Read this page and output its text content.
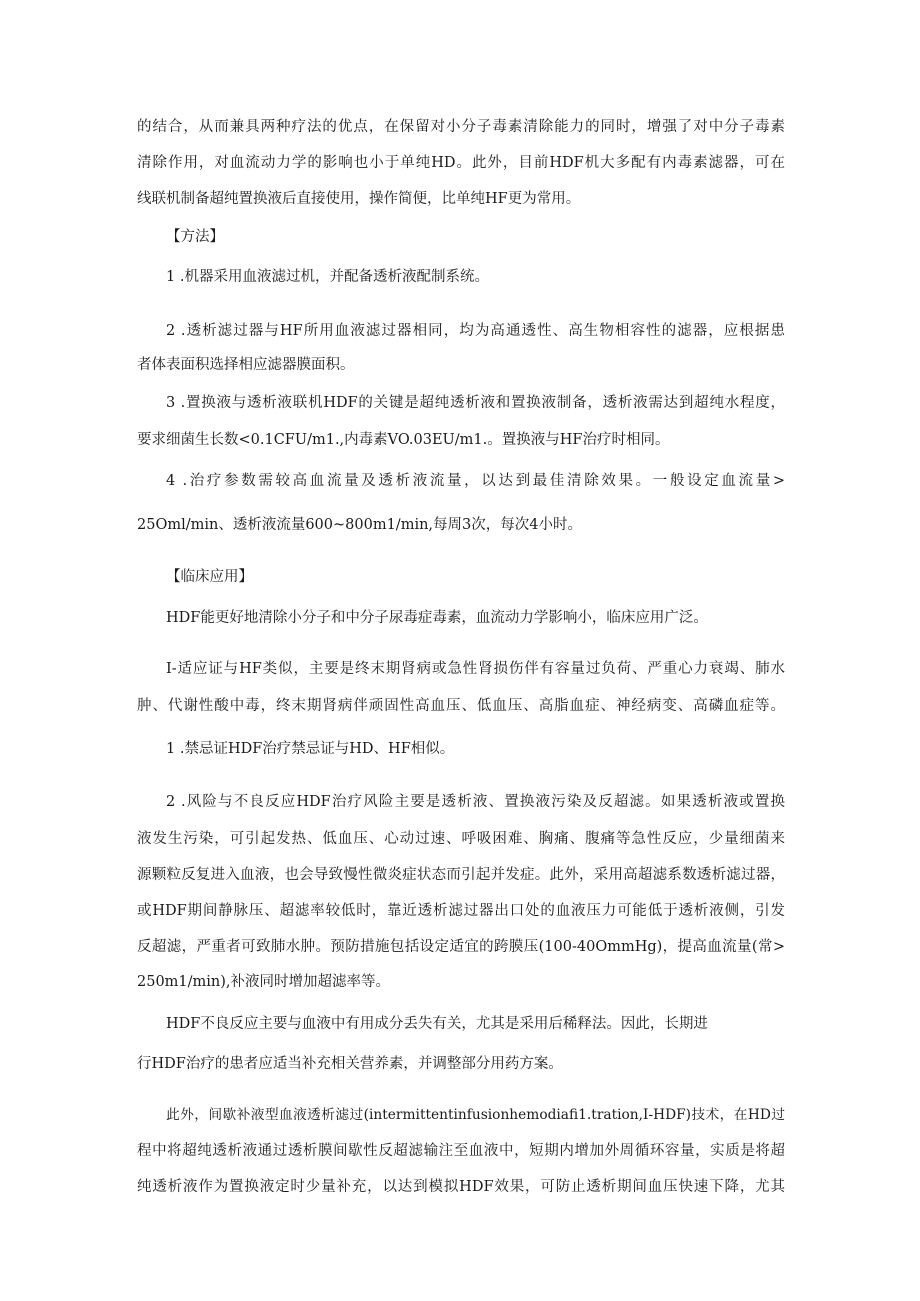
的结合，从而兼具两种疗法的优点，在保留对小分子毒素清除能力的同时，增强了对中分子毒素
清除作用，对血流动力学的影响也小于单纯HD。此外，目前HDF机大多配有内毒素滤器，可在
线联机制备超纯置换液后直接使用，操作简便，比单纯HF更为常用。
【方法】
1 .机器采用血液滤过机，并配备透析液配制系统。
2 .透析滤过器与HF所用血液滤过器相同，均为高通透性、高生物相容性的滤器，应根据患
者体表面积选择相应滤器膜面积。
3 .置换液与透析液联机HDF的关键是超纯透析液和置换液制备，透析液需达到超纯水程度，
要求细菌生长数<0.1CFU/m1.,内毒素VO.03EU∕m1.。置换液与HF治疗时相同。
4 .治疗参数需较高血流量及透析液流量，以达到最佳清除效果。一般设定血流量>
25Oml/min、透析液流量600~800m1∕min,每周3次，每次4小时。
【临床应用】
HDF能更好地清除小分子和中分子尿毒症毒素，血流动力学影响小，临床应用广泛。
I-适应证与HF类似，主要是终末期肾病或急性肾损伤伴有容量过负荷、严重心力衰竭、肺水
肿、代谢性酸中毒，终末期肾病伴顽固性高血压、低血压、高脂血症、神经病变、高磷血症等。
1 .禁忌证HDF治疗禁忌证与HD、HF相似。
2 .风险与不良反应HDF治疗风险主要是透析液、置换液污染及反超滤。如果透析液或置换
液发生污染，可引起发热、低血压、心动过速、呼吸困难、胸痛、腹痛等急性反应，少量细菌来
源颗粒反复进入血液，也会导致慢性微炎症状态而引起并发症。此外，采用高超滤系数透析滤过器，
或HDF期间静脉压、超滤率较低时，靠近透析滤过器出口处的血液压力可能低于透析液侧，引发
反超滤，严重者可致肺水肿。预防措施包括设定适宜的跨膜压(100-40OmmHg)，提高血流量(常>
250m1∕min),补液同时增加超滤率等。
HDF不良反应主要与血液中有用成分丢失有关，尤其是采用后稀释法。因此，长期进
行HDF治疗的患者应适当补充相关营养素，并调整部分用药方案。
此外，间歇补液型血液透析滤过(intermittentinfusionhemodiafi1.tration,I-HDF)技术，在HD过
程中将超纯透析液通过透析膜间歇性反超滤输注至血液中，短期内增加外周循环容量，实质是将超
纯透析液作为置换液定时少量补充，以达到模拟HDF效果，可防止透析期间血压快速下降，尤其
